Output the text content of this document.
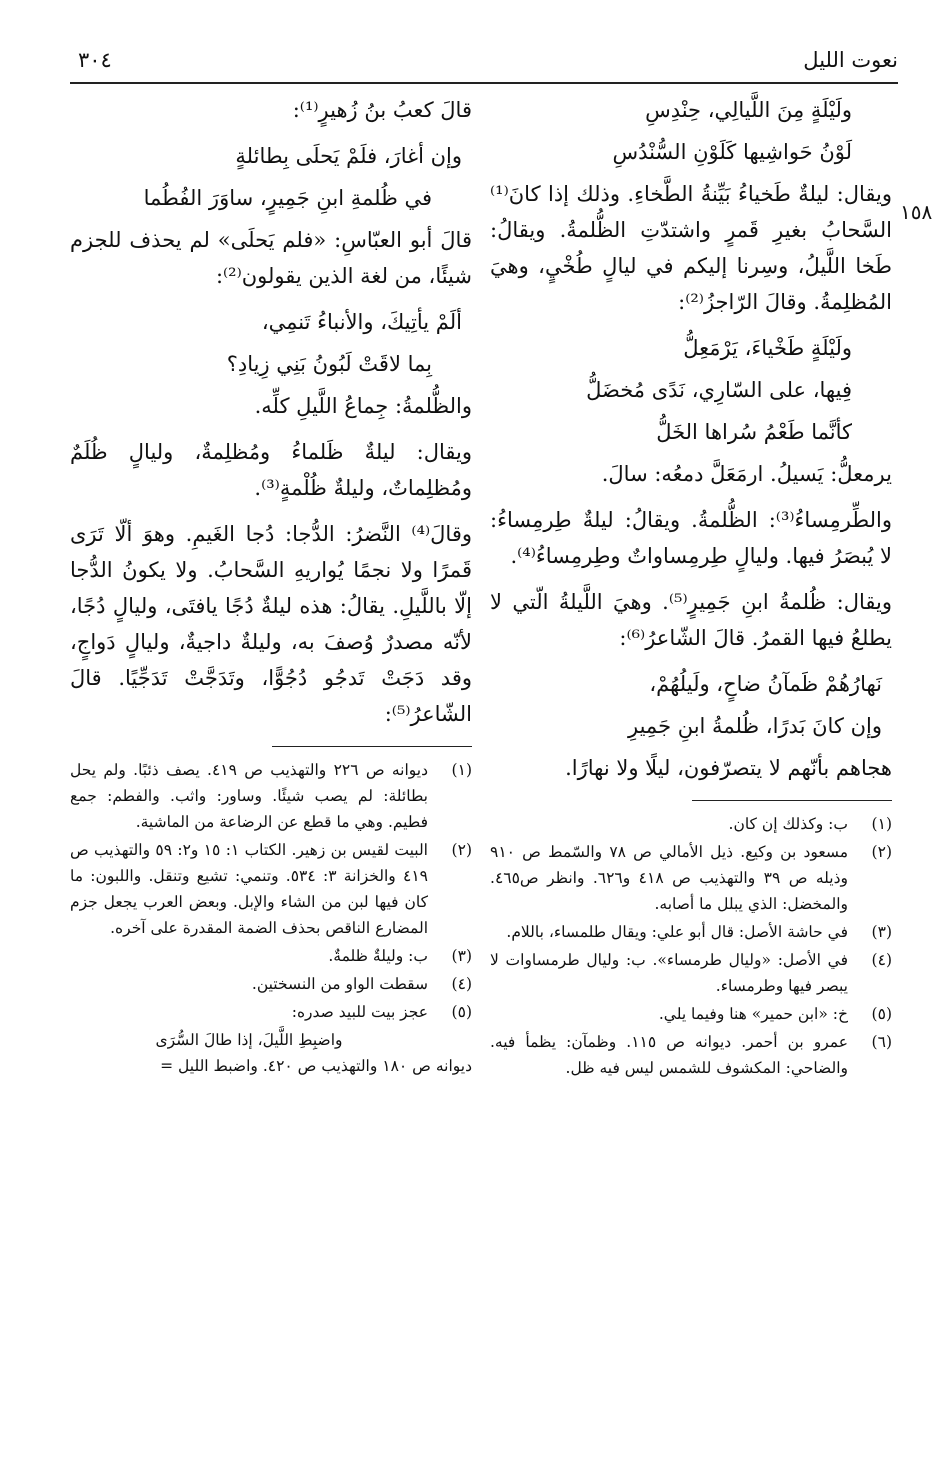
نعوت الليل
٣٠٤
١٥٨
ولَيْلَةٍ مِنَ اللَّيالِي، حِنْدِسِ
لَوْنُ حَواشِيها كَلَوْنِ السُّنْدُسِ

ويقال: ليلةٌ طَخياءُ بَيِّنةُ الطَّخاءِ. وذلك إذا كانَ⁽¹⁾ السَّحابُ بغيرِ قَمرٍ واشتدّتِ الظُّلمةُ. ويقالُ: طَخا اللَّيلُ، وسِرنا إليكم في ليالٍ طُخْيٍ، وهيَ المُظلِمةُ. وقالَ الرّاجزُ⁽²⁾:

ولَيْلَةٍ طَخْياءَ، يَرْمَعِلُّ
فِيها، على السّارِي، نَدًى مُخضَلُّ
كأنَّما طَعْمُ سُراها الخَلُّ

يرمعلُّ: يَسيلُ. ارمَعَلَّ دمعُه: سالَ.

والطِّرمِساءُ⁽³⁾: الظُّلمةُ. ويقالُ: ليلةٌ طِرمِساءُ: لا يُبصَرُ فيها. وليالٍ طِرمِساواتٌ وطِرمِساءُ⁽⁴⁾.

ويقال: ظُلمةُ ابنِ جَمِيرٍ⁽⁵⁾. وهيَ اللَّيلةُ الّتي لا يطلعُ فيها القمرُ. قالَ الشّاعرُ⁽⁶⁾:

نَهارُهُمْ ظَمآنُ ضاحٍ، ولَيلُهُمْ،
وإن كانَ بَدرًا، ظُلمةُ ابنِ جَمِيرِ

هجاهم بأنّهم لا يتصرّفون، ليلًا ولا نهارًا.

(١)
ب: وكذلك إن كان.
(٢)
مسعود بن وكيع. ذيل الأمالي ص ٧٨ والسّمط ص ٩١٠ وذيله ص ٣٩ والتهذيب ص ٤١٨ و٦٢٦. وانظر ص٤٦٥. والمخضل: الذي يبلل ما أصابه.
(٣)
في حاشة الأصل: قال أبو علي: ويقال طلمساء، باللام.
(٤)
في الأصل: «وليال طرمساء». ب: وليال طرمساوات لا يبصر فيها وطرمساء.
(٥)
خ: «ابن حمير» هنا وفيما يلي.
(٦)
عمرو بن أحمر. ديوانه ص ١١٥. وظمآن: يظمأ فيه. والضاحي: المكشوف للشمس ليس فيه ظل.

قالَ كعبُ بنُ زُهيرٍ⁽¹⁾:

وإن أغارَ، فلَمْ يَحلَى بِطائلةٍ
في ظُلمةِ ابنِ جَمِيرٍ، ساوَرَ الفُطُما

قالَ أبو العبّاسِ: «فلم يَحلَى» لم يحذف للجزم شيئًا، من لغة الذين يقولون⁽²⁾:

ألَمْ يأتِيكَ، والأنباءُ تَنمِي،
بِما لاقَتْ لَبُونُ بَنِي زِيادِ؟

والظُّلمةُ: جِماعُ اللَّيلِ كلِّه.

ويقال: ليلةٌ ظَلماءُ ومُظلِمةٌ، وليالٍ ظُلَمٌ ومُظلِماتٌ، وليلةٌ ظُلْمةٍ⁽³⁾.

وقالَ⁽⁴⁾ النَّضرُ: الدُّجا: دُجا الغَيمِ. وهوَ ألّا تَرَى قَمرًا ولا نجمًا يُواريهِ السَّحابُ. ولا يكونُ الدُّجا إلّا باللَّيلِ. يقالُ: هذه ليلةٌ دُجًا يافتَى، وليالٍ دُجًا، لأنّه مصدرٌ وُصفَ به، وليلةٌ داجيةٌ، وليالٍ دَواجٍ، وقد دَجَتْ تَدجُو دُجُوًّا، وتَدَجَّتْ تَدَجِّيًا. قالَ الشّاعرُ⁽⁵⁾:

(١)
ديوانه ص ٢٢٦ والتهذيب ص ٤١٩. يصف ذئبًا. ولم يحل بطائلة: لم يصب شيئًا. وساور: واثب. والفطم: جمع فطيم. وهي ما قطع عن الرضاعة من الماشية.
(٢)
البيت لقيس بن زهير. الكتاب ١: ١٥ و٢: ٥٩ والتهذيب ص ٤١٩ والخزانة ٣: ٥٣٤. وتنمي: تشيع وتنقل. واللبون: ما كان فيها لبن من الشاء والإبل. وبعض العرب يجعل جزم المضارع الناقص بحذف الضمة المقدرة على آخره.
(٣)
ب: وليلةٌ ظلمةٌ.
(٤)
سقطت الواو من النسختين.
(٥)
عجز بيت للبيد صدره:
واضبِطِ اللَّيلَ، إذا طالَ السُّرَى
ديوانه ص ١٨٠ والتهذيب ص ٤٢٠. واضبط الليل =
